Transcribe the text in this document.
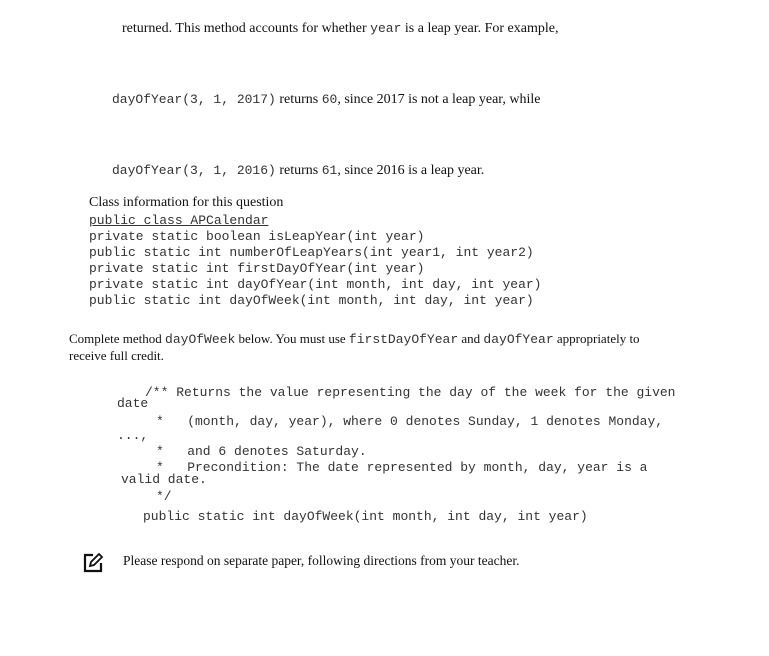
returned. This method accounts for whether year is a leap year. For example,
dayOfYear(3, 1, 2017) returns 60, since 2017 is not a leap year, while
dayOfYear(3, 1, 2016) returns 61, since 2016 is a leap year.
Class information for this question
public class APCalendar
private static boolean isLeapYear(int year)
public static int numberOfLeapYears(int year1, int year2)
private static int firstDayOfYear(int year)
private static int dayOfYear(int month, int day, int year)
public static int dayOfWeek(int month, int day, int year)
Complete method dayOfWeek below. You must use firstDayOfYear and dayOfYear appropriately to
receive full credit.
/** Returns the value representing the day of the week for the given
date
*   (month, day, year), where 0 denotes Sunday, 1 denotes Monday,
...,
*   and 6 denotes Saturday.
*   Precondition: The date represented by month, day, year is a
valid date.
*/
public static int dayOfWeek(int month, int day, int year)
Please respond on separate paper, following directions from your teacher.
